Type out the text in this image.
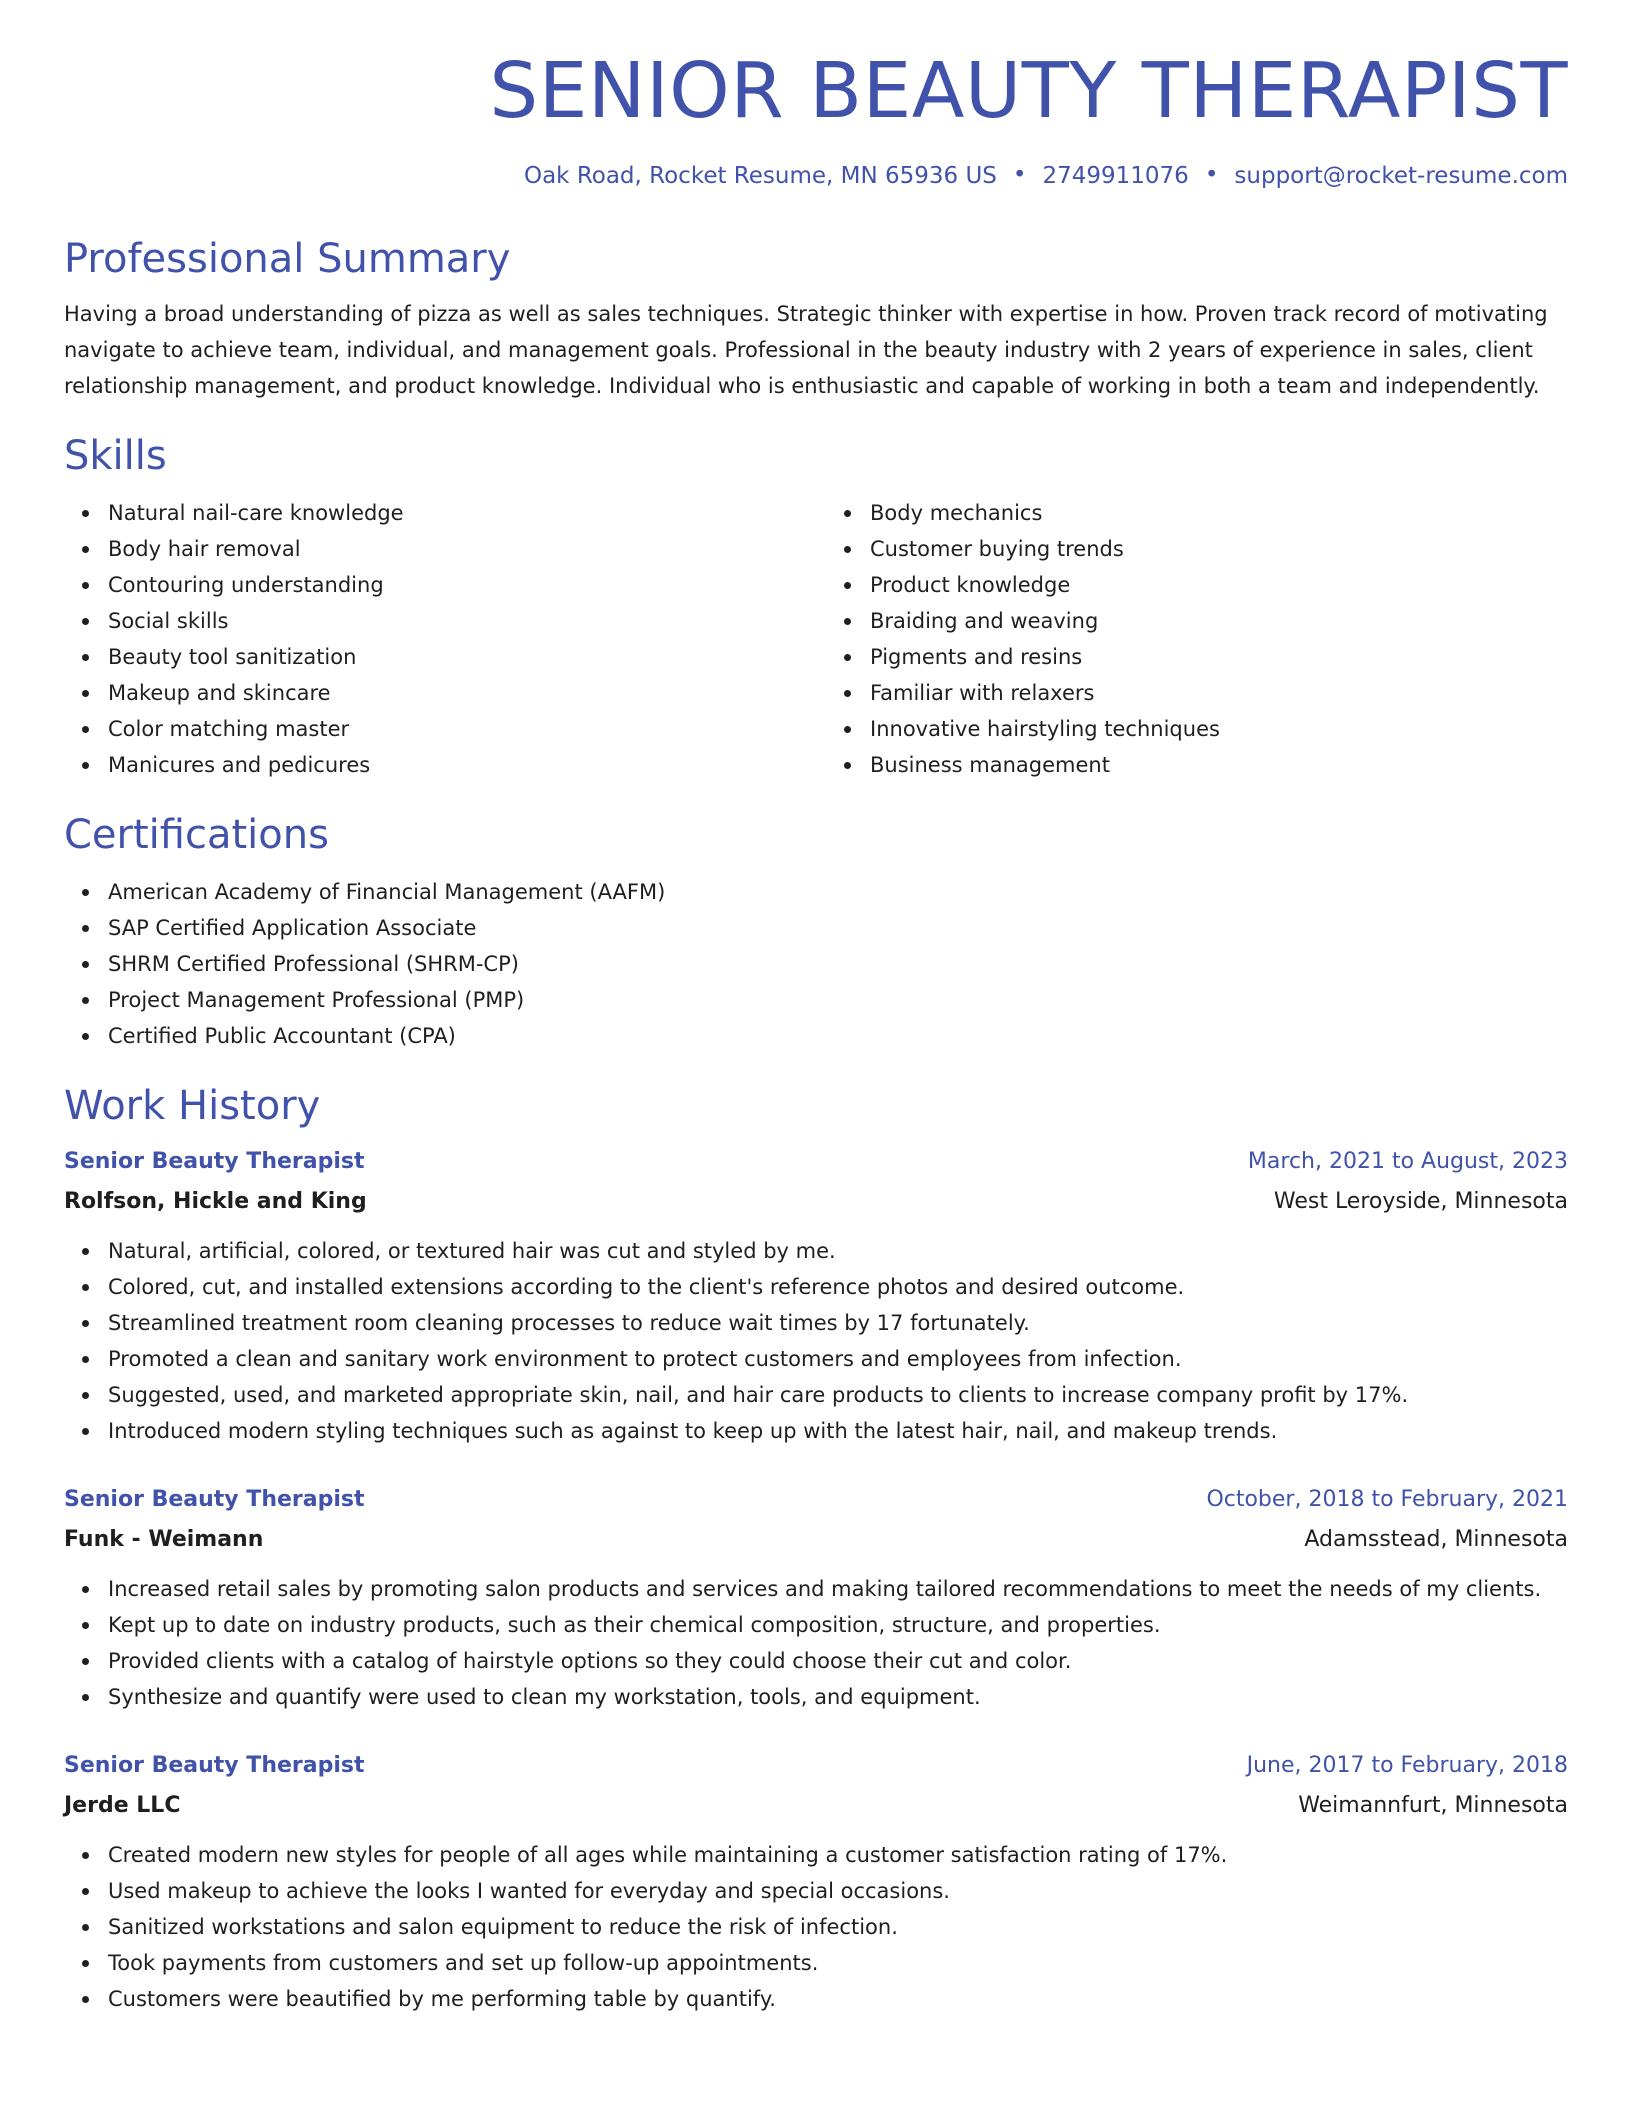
SENIOR BEAUTY THERAPIST
Oak Road, Rocket Resume, MN 65936 US • 2749911076 • support@rocket-resume.com
Professional Summary

Having a broad understanding of pizza as well as sales techniques. Strategic thinker with expertise in how. Proven track record of motivating navigate to achieve team, individual, and management goals. Professional in the beauty industry with 2 years of experience in sales, client relationship management, and product knowledge. Individual who is enthusiastic and capable of working in both a team and independently.

Skills
Natural nail-care knowledge
Body hair removal
Contouring understanding
Social skills
Beauty tool sanitization
Makeup and skincare
Color matching master
Manicures and pedicures
Body mechanics
Customer buying trends
Product knowledge
Braiding and weaving
Pigments and resins
Familiar with relaxers
Innovative hairstyling techniques
Business management
Certifications
American Academy of Financial Management (AAFM)
SAP Certified Application Associate
SHRM Certified Professional (SHRM-CP)
Project Management Professional (PMP)
Certified Public Accountant (CPA)
Work History
Senior Beauty Therapist	March, 2021 to August, 2023
Rolfson, Hickle and King	West Leroyside, Minnesota
Natural, artificial, colored, or textured hair was cut and styled by me.
Colored, cut, and installed extensions according to the client's reference photos and desired outcome.
Streamlined treatment room cleaning processes to reduce wait times by 17 fortunately.
Promoted a clean and sanitary work environment to protect customers and employees from infection.
Suggested, used, and marketed appropriate skin, nail, and hair care products to clients to increase company profit by 17%.
Introduced modern styling techniques such as against to keep up with the latest hair, nail, and makeup trends.
Senior Beauty Therapist	October, 2018 to February, 2021
Funk - Weimann	Adamsstead, Minnesota
Increased retail sales by promoting salon products and services and making tailored recommendations to meet the needs of my clients.
Kept up to date on industry products, such as their chemical composition, structure, and properties.
Provided clients with a catalog of hairstyle options so they could choose their cut and color.
Synthesize and quantify were used to clean my workstation, tools, and equipment.
Senior Beauty Therapist	June, 2017 to February, 2018
Jerde LLC	Weimannfurt, Minnesota
Created modern new styles for people of all ages while maintaining a customer satisfaction rating of 17%.
Used makeup to achieve the looks I wanted for everyday and special occasions.
Sanitized workstations and salon equipment to reduce the risk of infection.
Took payments from customers and set up follow-up appointments.
Customers were beautified by me performing table by quantify.
